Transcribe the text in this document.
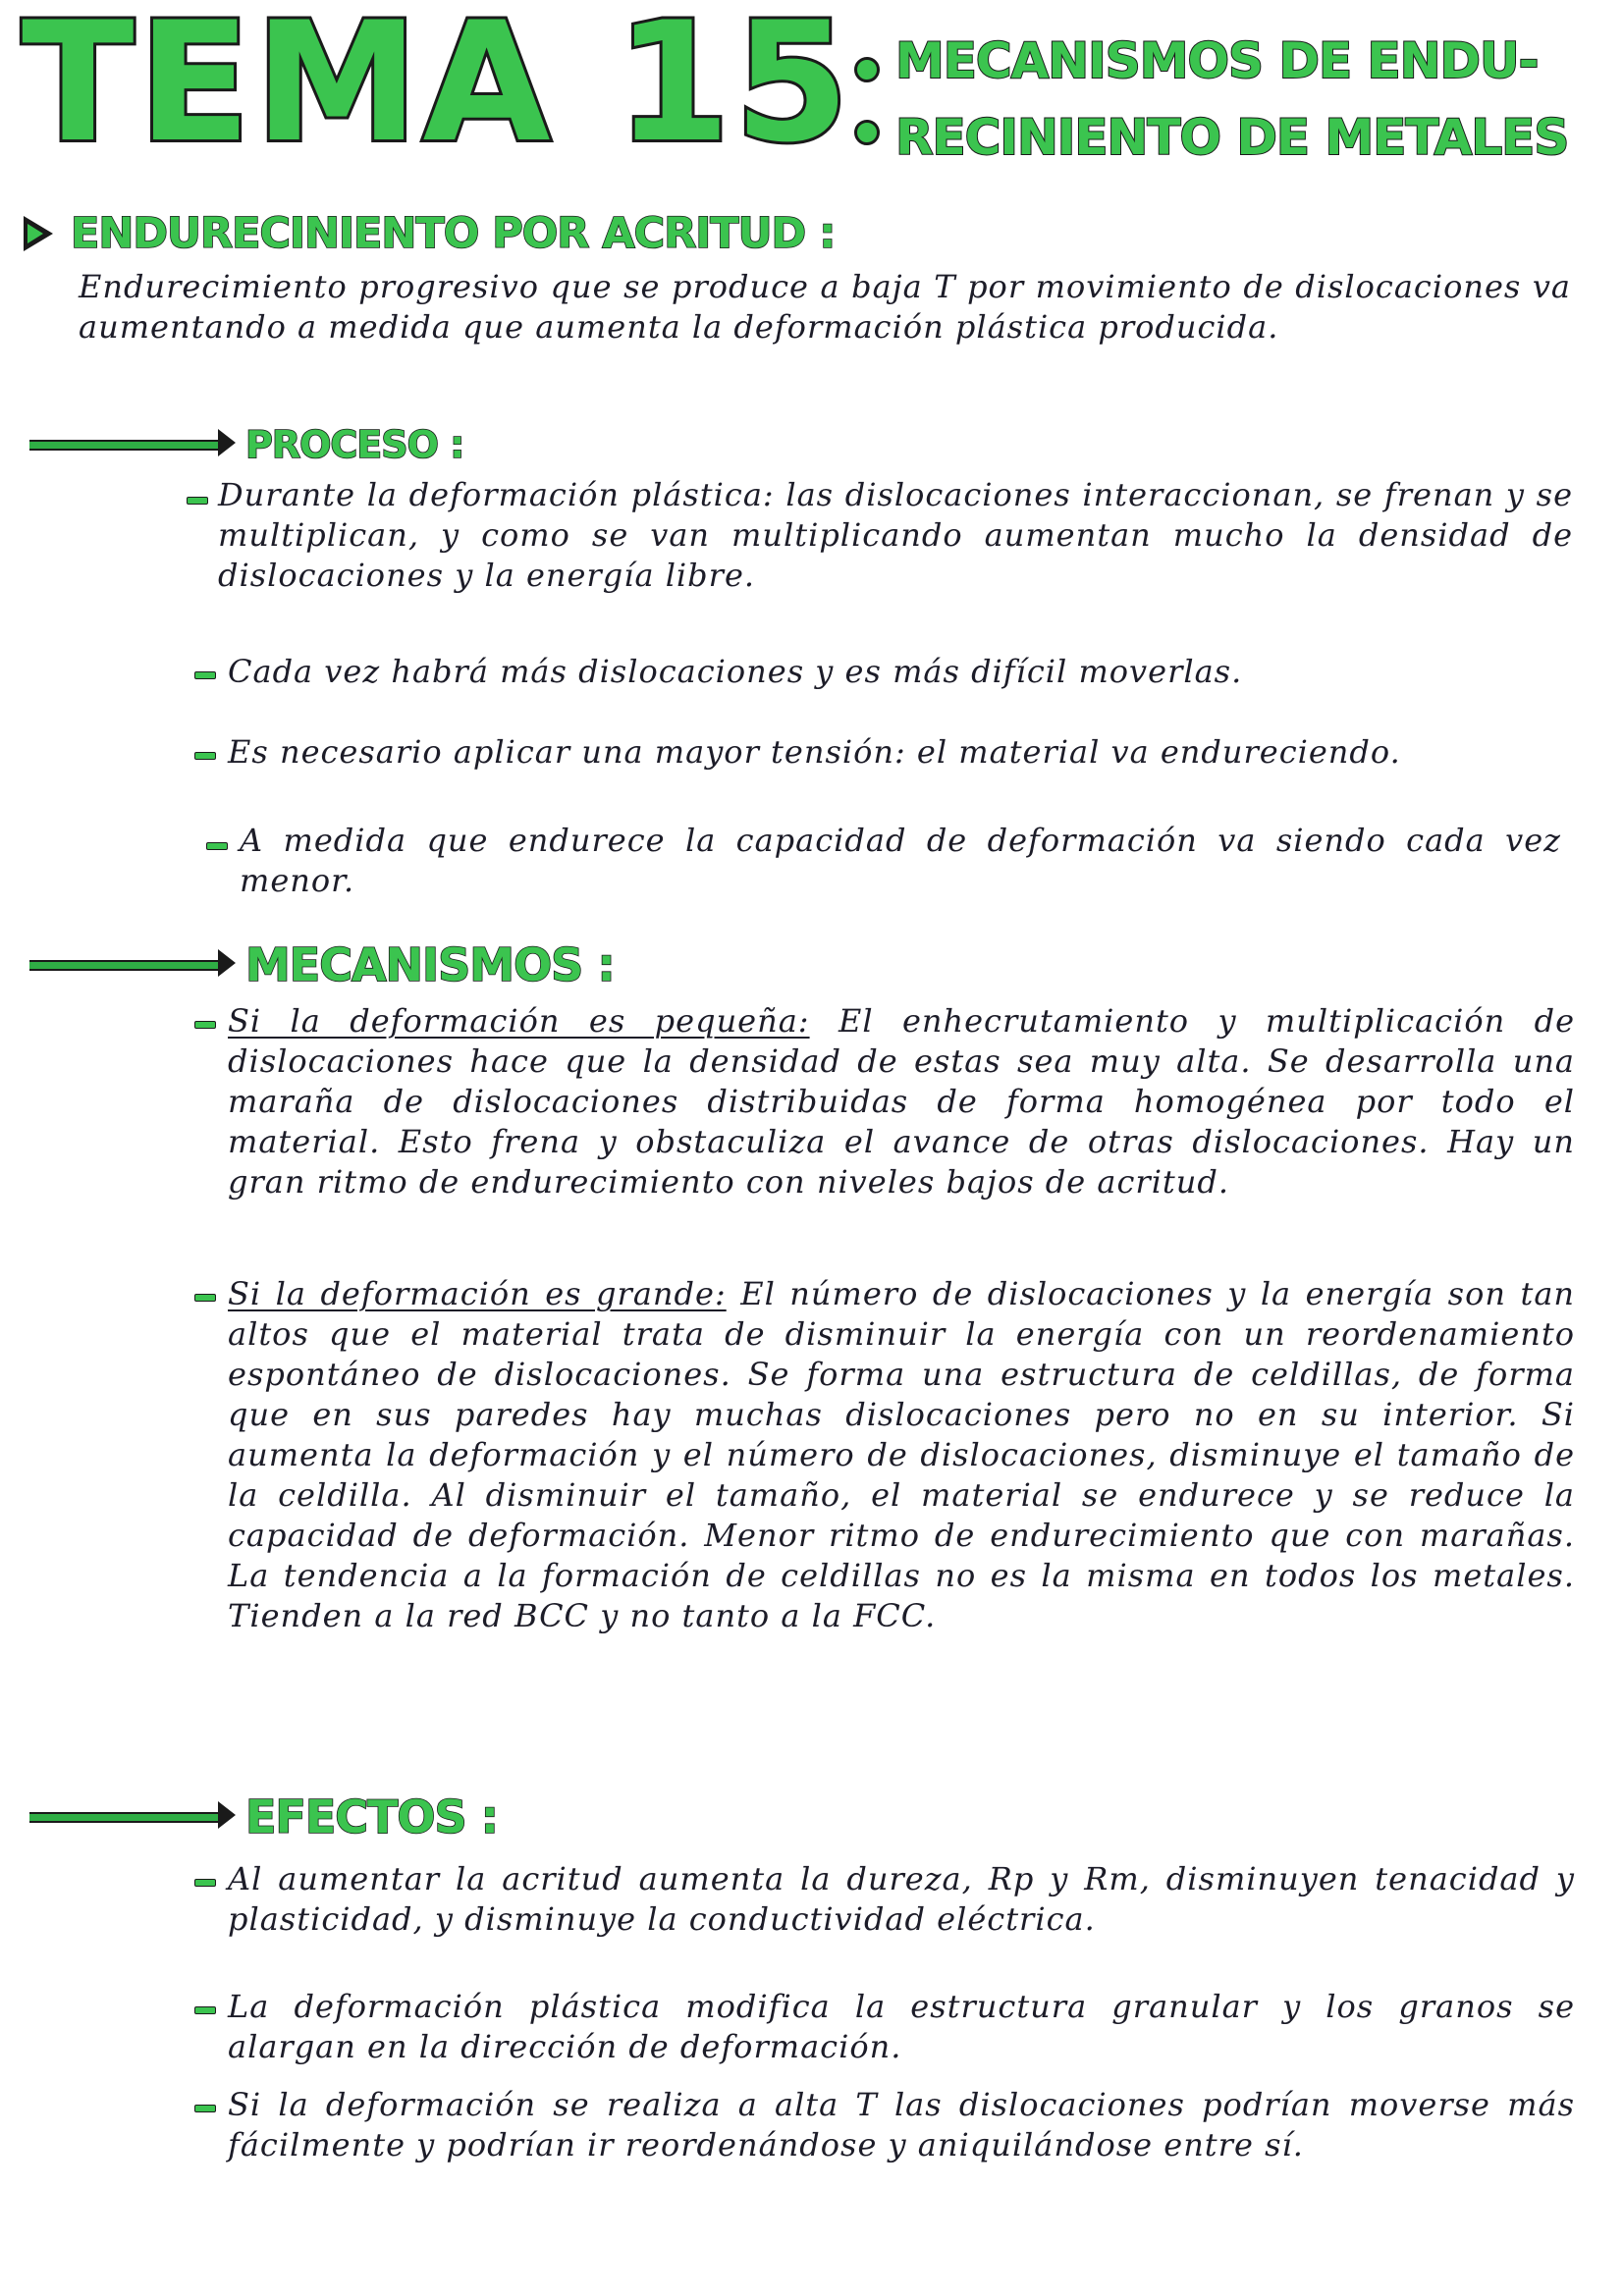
TEMA 15 MECANISMOS DE ENDU-
RECINIENTO DE METALES
ENDURECINIENTO POR ACRITUD :

Endurecimiento progresivo que se produce a baja T por movimiento de dislocaciones va aumentando a medida que aumenta la deformación plástica producida.

PROCESO :

Durante la deformación plástica: las dislocaciones interaccionan, se frenan y se multiplican, y como se van multiplicando aumentan mucho la densidad de dislocaciones y la energía libre.

Cada vez habrá más dislocaciones y es más difícil moverlas.

Es necesario aplicar una mayor tensión: el material va endureciendo.

A medida que endurece la capacidad de deformación va siendo cada vez menor.

MECANISMOS :

Si la deformación es pequeña: El enhecrutamiento y multiplicación de dislocaciones hace que la densidad de estas sea muy alta. Se desarrolla una maraña de dislocaciones distribuidas de forma homogénea por todo el material. Esto frena y obstaculiza el avance de otras dislocaciones. Hay un gran ritmo de endurecimiento con niveles bajos de acritud.

Si la deformación es grande: El número de dislocaciones y la energía son tan altos que el material trata de disminuir la energía con un reordenamiento espontáneo de dislocaciones. Se forma una estructura de celdillas, de forma que en sus paredes hay muchas dislocaciones pero no en su interior. Si aumenta la deformación y el número de dislocaciones, disminuye el tamaño de la celdilla. Al disminuir el tamaño, el material se endurece y se reduce la capacidad de deformación. Menor ritmo de endurecimiento que con marañas. La tendencia a la formación de celdillas no es la misma en todos los metales. Tienden a la red BCC y no tanto a la FCC.

EFECTOS :

Al aumentar la acritud aumenta la dureza, Rp y Rm, disminuyen tenacidad y plasticidad, y disminuye la conductividad eléctrica.

La deformación plástica modifica la estructura granular y los granos se alargan en la dirección de deformación.

Si la deformación se realiza a alta T las dislocaciones podrían moverse más fácilmente y podrían ir reordenándose y aniquilándose entre sí.
